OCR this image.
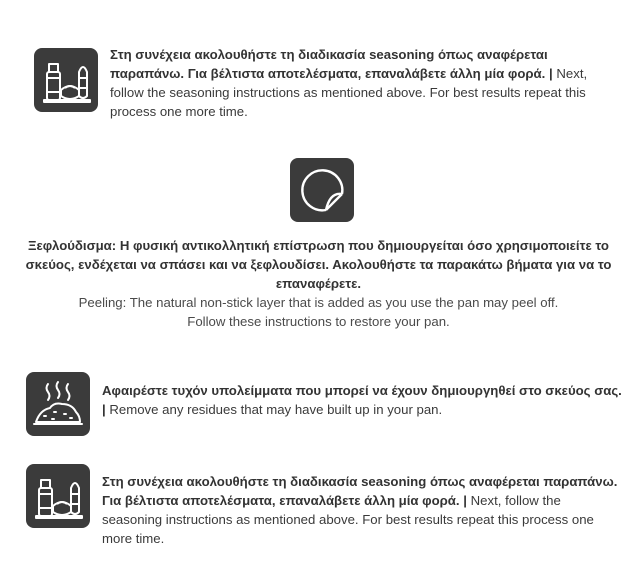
Στη συνέχεια ακολουθήστε τη διαδικασία seasoning όπως αναφέρεται παραπάνω. Για βέλτιστα αποτελέσματα, επαναλάβετε άλλη μία φορά. | Next, follow the seasoning instructions as mentioned above. For best results repeat this process one more time.
Ξεφλούδισμα: Η φυσική αντικολλητική επίστρωση που δημιουργείται όσο χρησιμοποιείτε το σκεύος, ενδέχεται να σπάσει και να ξεφλουδίσει. Ακολουθήστε τα παρακάτω βήματα για να το επαναφέρετε.
Peeling: The natural non-stick layer that is added as you use the pan may peel off.
Follow these instructions to restore your pan.
Αφαιρέστε τυχόν υπολείμματα που μπορεί να έχουν δημιουργηθεί στο σκεύος σας. | Remove any residues that may have built up in your pan.
Στη συνέχεια ακολουθήστε τη διαδικασία seasoning όπως αναφέρεται παραπάνω. Για βέλτιστα αποτελέσματα, επαναλάβετε άλλη μία φορά. | Next, follow the seasoning instructions as mentioned above. For best results repeat this process one more time.
